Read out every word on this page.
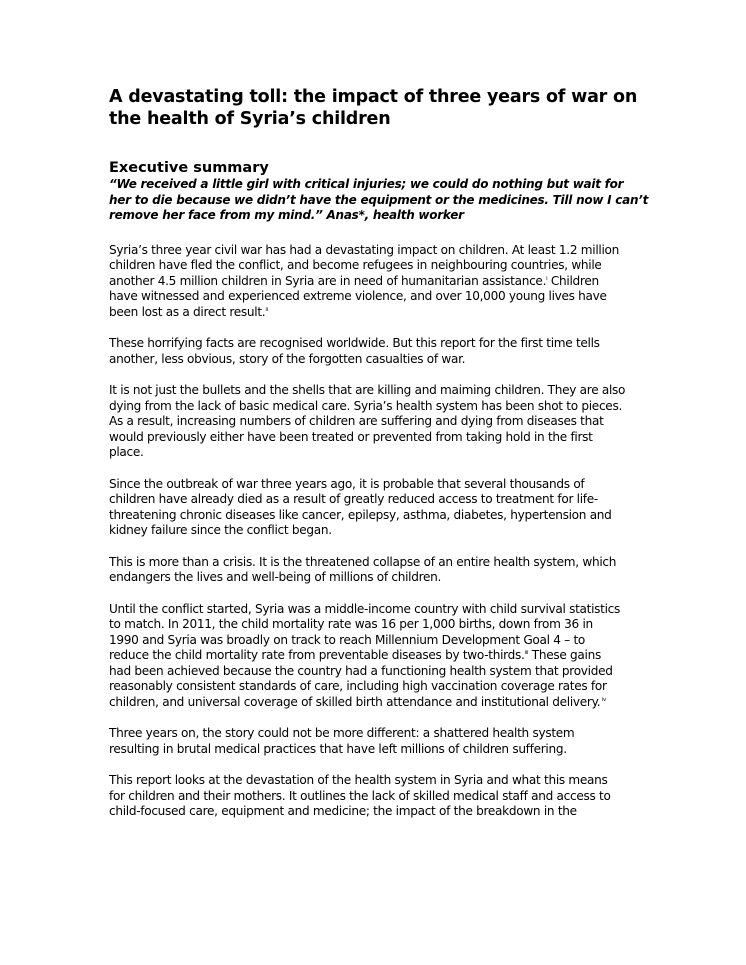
A devastating toll: the impact of three years of war on
the health of Syria’s children
Executive summary
“We received a little girl with critical injuries; we could do nothing but wait for
her to die because we didn’t have the equipment or the medicines. Till now I can’t
remove her face from my mind.” Anas*, health worker

Syria’s three year civil war has had a devastating impact on children. At least 1.2 million
children have fled the conflict, and become refugees in neighbouring countries, while
another 4.5 million children in Syria are in need of humanitarian assistance.$^i$ Children
have witnessed and experienced extreme violence, and over 10,000 young lives have
been lost as a direct result.$^{ii}$

These horrifying facts are recognised worldwide. But this report for the first time tells
another, less obvious, story of the forgotten casualties of war.

It is not just the bullets and the shells that are killing and maiming children. They are also
dying from the lack of basic medical care. Syria’s health system has been shot to pieces.
As a result, increasing numbers of children are suffering and dying from diseases that
would previously either have been treated or prevented from taking hold in the first
place.

Since the outbreak of war three years ago, it is probable that several thousands of
children have already died as a result of greatly reduced access to treatment for life-
threatening chronic diseases like cancer, epilepsy, asthma, diabetes, hypertension and
kidney failure since the conflict began.

This is more than a crisis. It is the threatened collapse of an entire health system, which
endangers the lives and well-being of millions of children.

Until the conflict started, Syria was a middle-income country with child survival statistics
to match. In 2011, the child mortality rate was 16 per 1,000 births, down from 36 in
1990 and Syria was broadly on track to reach Millennium Development Goal 4 – to
reduce the child mortality rate from preventable diseases by two-thirds.$^{iii}$ These gains
had been achieved because the country had a functioning health system that provided
reasonably consistent standards of care, including high vaccination coverage rates for
children, and universal coverage of skilled birth attendance and institutional delivery. $^{iv}$

Three years on, the story could not be more different: a shattered health system
resulting in brutal medical practices that have left millions of children suffering.

This report looks at the devastation of the health system in Syria and what this means
for children and their mothers. It outlines the lack of skilled medical staff and access to
child-focused care, equipment and medicine; the impact of the breakdown in the
